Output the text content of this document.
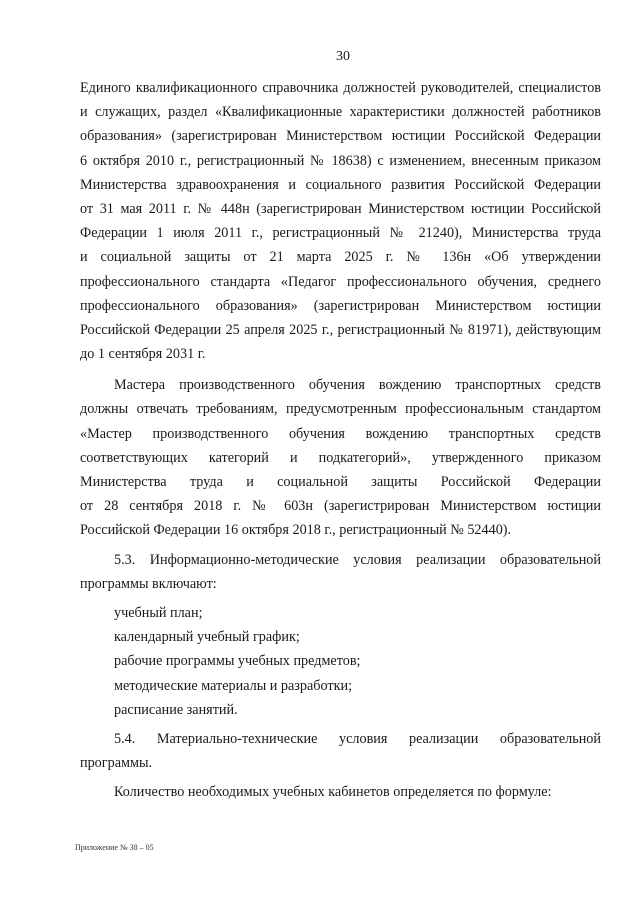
30
Единого квалификационного справочника должностей руководителей, специалистов
и служащих, раздел «Квалификационные характеристики должностей работников
образования» (зарегистрирован Министерством юстиции Российской Федерации
6 октября 2010 г., регистрационный № 18638) с изменением, внесенным приказом
Министерства здравоохранения и социального развития Российской Федерации
от 31 мая 2011 г. № 448н (зарегистрирован Министерством юстиции Российской
Федерации 1 июля 2011 г., регистрационный № 21240), Министерства труда
и социальной защиты от 21 марта 2025 г. № 136н «Об утверждении
профессионального стандарта «Педагог профессионального обучения, среднего
профессионального образования» (зарегистрирован Министерством юстиции
Российской Федерации 25 апреля 2025 г., регистрационный № 81971), действующим
до 1 сентября 2031 г.
Мастера производственного обучения вождению транспортных средств
должны отвечать требованиям, предусмотренным профессиональным стандартом
«Мастер производственного обучения вождению транспортных средств
соответствующих категорий и подкатегорий», утвержденного приказом
Министерства труда и социальной защиты Российской Федерации
от 28 сентября 2018 г. № 603н (зарегистрирован Министерством юстиции
Российской Федерации 16 октября 2018 г., регистрационный № 52440).
5.3. Информационно-методические условия реализации образовательной
программы включают:
учебный план;
календарный учебный график;
рабочие программы учебных предметов;
методические материалы и разработки;
расписание занятий.
5.4. Материально-технические условия реализации образовательной
программы.
Количество необходимых учебных кабинетов определяется по формуле:
Приложение № 38 – 05
